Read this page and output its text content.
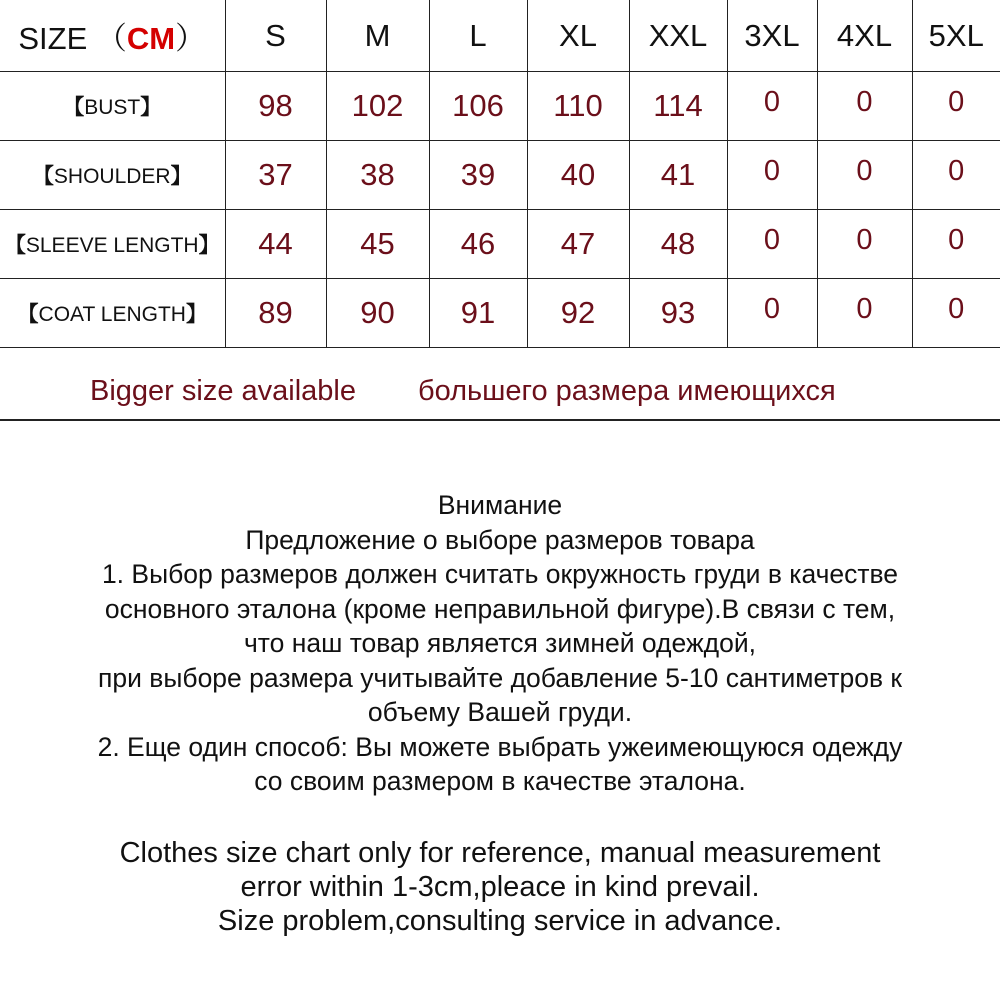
SIZE （CM）	S	M	L	XL	XXL	3XL	4XL	5XL
【BUST】	98	102	106	110	114	0	0	0
【SHOULDER】	37	38	39	40	41	0	0	0
【SLEEVE LENGTH】	44	45	46	47	48	0	0	0
【COAT LENGTH】	89	90	91	92	93	0	0	0
Bigger size available большего размера имеющихся
Внимание
Предложение о выборе размеров товара
1. Выбор размеров должен считать окружность груди в качестве
основного эталона (кроме неправильной фигуре).В связи с тем,
что наш товар является зимней одеждой,
при выборе размера учитывайте добавление 5-10 сантиметров к
объему Вашей груди.
2. Еще один способ: Вы можете выбрать ужеимеющуюся одежду
со своим размером в качестве эталона.
Clothes size chart only for reference, manual measurement
error within 1-3cm,pleace in kind prevail.
Size problem,consulting service in advance.
